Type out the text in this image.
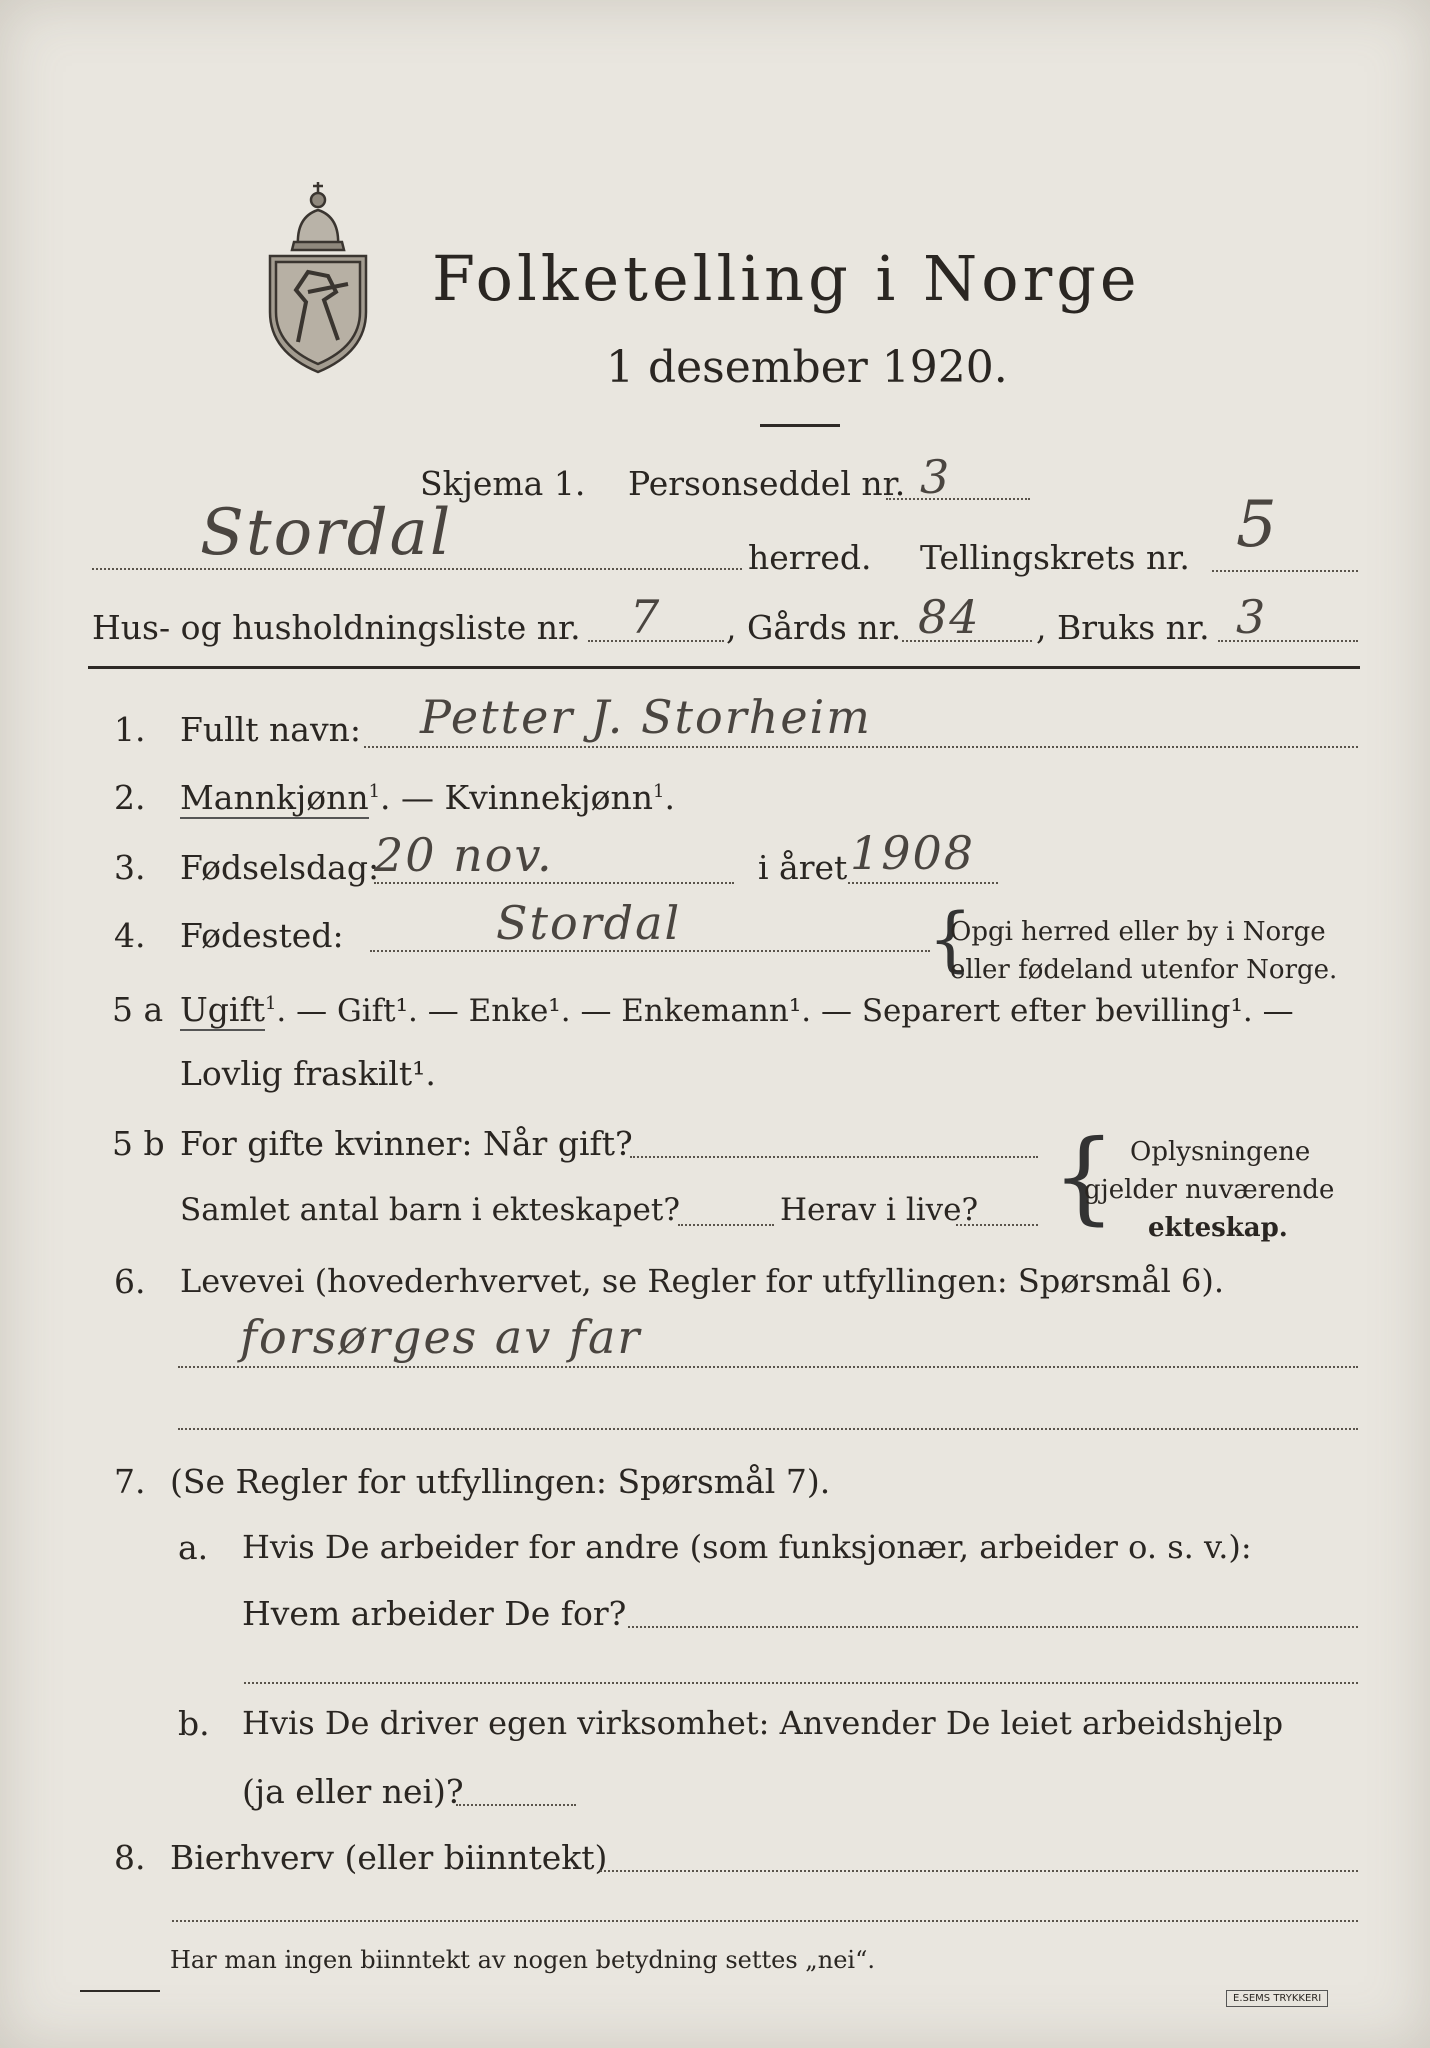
Folketelling i Norge
1 desember 1920.
Skjema 1. Personseddel nr. 3
Stordal	herred. Tellingskrets nr. 5
Hus- og husholdningsliste nr. 7 , Gårds nr. 84 , Bruks nr. 3
1. Fullt navn: Petter J. Storheim
2. Mannkjønn$^1$. — Kvinnekjønn$^1$.
3. Fødselsdag:
20 nov.	i året 1908
4. Fødested:	Stordal	{
Opgi herred eller by i Norge
eller fødeland utenfor Norge.
5 a Ugift$^1$. — Gift¹. — Enke¹. — Enkemann¹. — Separert efter bevilling¹. —
Lovlig fraskilt¹.
5 b For gifte kvinner: Når gift?
Samlet antal barn i ekteskapet?	Herav i live? { Oplysningene
gjelder nuværende
ekteskap.
6. Levevei (hovederhvervet, se Regler for utfyllingen: Spørsmål 6).
forsørges av far
7. (Se Regler for utfyllingen: Spørsmål 7).
a. Hvis De arbeider for andre (som funksjonær, arbeider o. s. v.):
Hvem arbeider De for?
b. Hvis De driver egen virksomhet: Anvender De leiet arbeidshjelp
(ja eller nei)?
8. Bierhverv (eller biinntekt)
Har man ingen biinntekt av nogen betydning settes „nei“.
E.SEMS TRYKKERI
